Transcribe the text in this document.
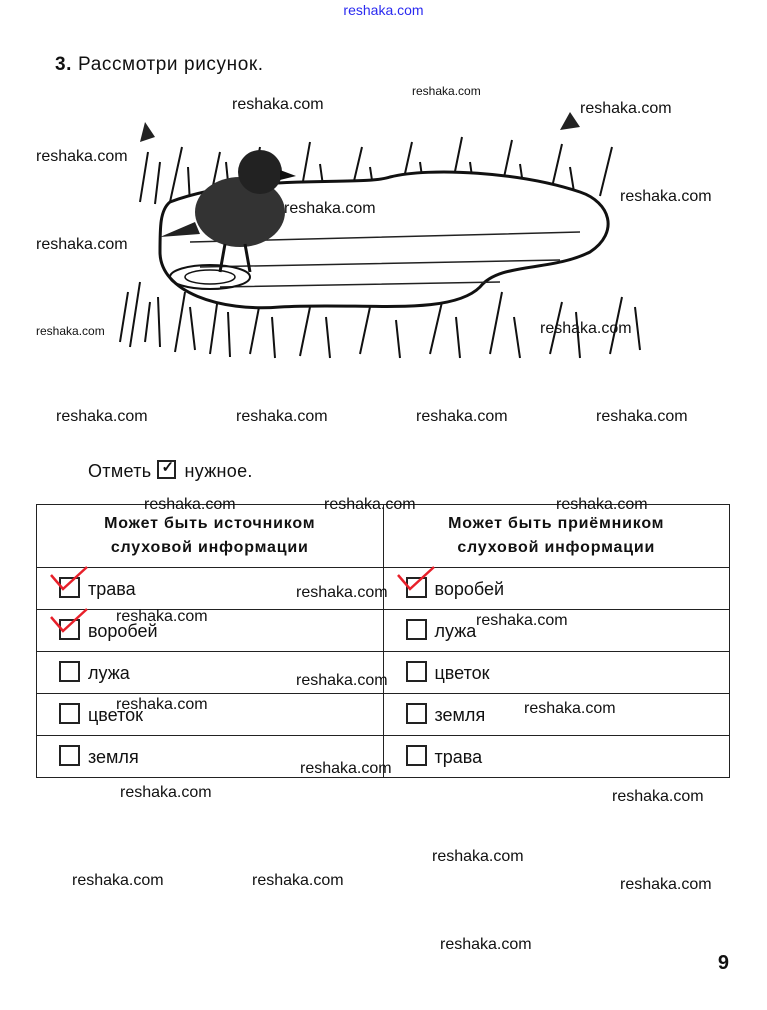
reshaka.com
3. Рассмотри рисунок.
reshaka.com
reshaka.com
reshaka.com
reshaka.com
reshaka.com
reshaka.com
reshaka.com
reshaka.com	reshaka.com
reshaka.com	reshaka.com	reshaka.com	reshaka.com
Отметь ✓ нужное.
Может быть источником
слуховой информации	Может быть приёмником
слуховой информации

трава	воробей

воробей	лужа
лужа	цветок
цветок	земля
земля	трава
reshaka.com	reshaka.com	reshaka.com
reshaka.com
reshaka.com	reshaka.com
reshaka.com
reshaka.com	reshaka.com
reshaka.com
reshaka.com	reshaka.com
reshaka.com
reshaka.com	reshaka.com	reshaka.com
reshaka.com
9
